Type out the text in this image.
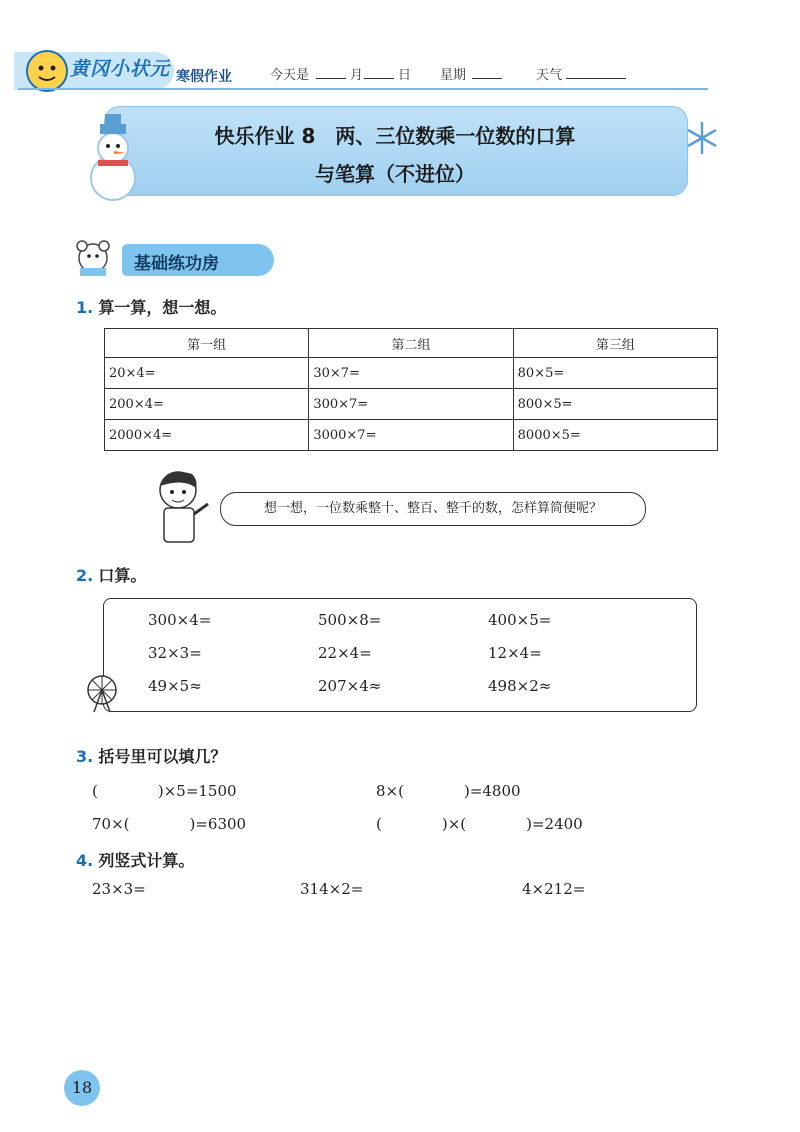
黄冈小状元 寒假作业	今天是	月	日 星期	天气
快乐作业 8　两、三位数乘一位数的口算
与笔算（不进位）
基础练功房
1. 算一算，想一想。
第一组	第二组	第三组
20×4=	30×7=	80×5=
200×4=	300×7=	800×5=
2000×4=	3000×7=	8000×5=
想一想，一位数乘整十、整百、整千的数，怎样算简便呢？
2. 口算。
300×4=	500×8=	400×5=
32×3=	22×4=	12×4=
49×5≈	207×4≈	498×2≈
3. 括号里可以填几？
(　　　　)×5=1500	8×(　　　　)=4800
70×(　　　　)=6300	(　　　　)×(　　　　)=2400
4. 列竖式计算。
23×3=	314×2=	4×212=
18
